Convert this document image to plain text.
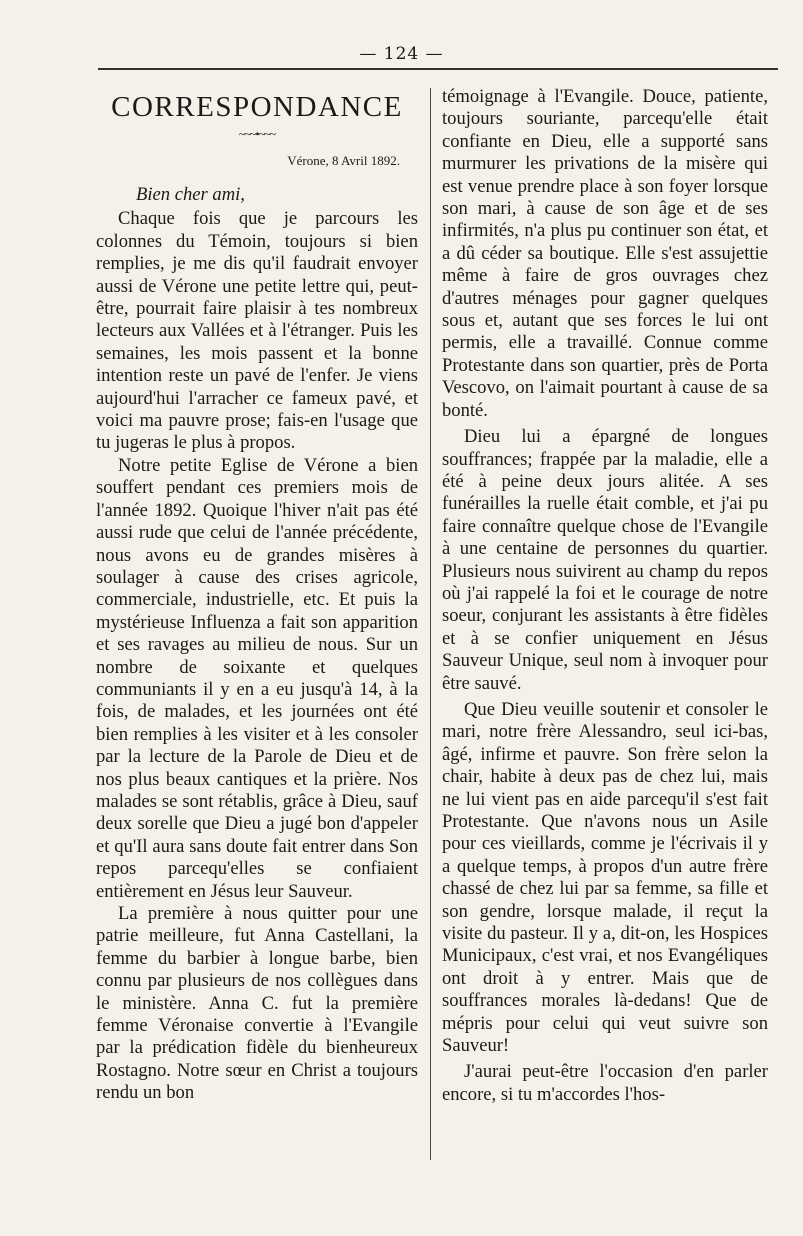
— 124 —
CORRESPONDANCE
~~~•~~~
Vérone, 8 Avril 1892.
Bien cher ami,

Chaque fois que je parcours les colonnes du Témoin, toujours si bien remplies, je me dis qu'il faudrait envoyer aussi de Vérone une petite lettre qui, peut-être, pourrait faire plaisir à tes nombreux lecteurs aux Vallées et à l'étranger. Puis les semaines, les mois passent et la bonne intention reste un pavé de l'enfer. Je viens aujourd'hui l'arracher ce fameux pavé, et voici ma pauvre prose; fais-en l'usage que tu jugeras le plus à propos.

Notre petite Eglise de Vérone a bien souffert pendant ces premiers mois de l'année 1892. Quoique l'hiver n'ait pas été aussi rude que celui de l'année précédente, nous avons eu de grandes misères à soulager à cause des crises agricole, commerciale, industrielle, etc. Et puis la mystérieuse Influenza a fait son apparition et ses ravages au milieu de nous. Sur un nombre de soixante et quelques communiants il y en a eu jusqu'à 14, à la fois, de malades, et les journées ont été bien remplies à les visiter et à les consoler par la lecture de la Parole de Dieu et de nos plus beaux cantiques et la prière. Nos malades se sont rétablis, grâce à Dieu, sauf deux sorelle que Dieu a jugé bon d'appeler et qu'Il aura sans doute fait entrer dans Son repos parcequ'elles se confiaient entièrement en Jésus leur Sauveur.

La première à nous quitter pour une patrie meilleure, fut Anna Castellani, la femme du barbier à longue barbe, bien connu par plusieurs de nos collègues dans le ministère. Anna C. fut la première femme Véronaise convertie à l'Evangile par la prédication fidèle du bienheureux Rostagno. Notre sœur en Christ a toujours rendu un bon

témoignage à l'Evangile. Douce, patiente, toujours souriante, parcequ'elle était confiante en Dieu, elle a supporté sans murmurer les privations de la misère qui est venue prendre place à son foyer lorsque son mari, à cause de son âge et de ses infirmités, n'a plus pu continuer son état, et a dû céder sa boutique. Elle s'est assujettie même à faire de gros ouvrages chez d'autres ménages pour gagner quelques sous et, autant que ses forces le lui ont permis, elle a travaillé. Connue comme Protestante dans son quartier, près de Porta Vescovo, on l'aimait pourtant à cause de sa bonté.

Dieu lui a épargné de longues souffrances; frappée par la maladie, elle a été à peine deux jours alitée. A ses funérailles la ruelle était comble, et j'ai pu faire connaître quelque chose de l'Evangile à une centaine de personnes du quartier. Plusieurs nous suivirent au champ du repos où j'ai rappelé la foi et le courage de notre soeur, conjurant les assistants à être fidèles et à se confier uniquement en Jésus Sauveur Unique, seul nom à invoquer pour être sauvé.

Que Dieu veuille soutenir et consoler le mari, notre frère Alessandro, seul ici-bas, âgé, infirme et pauvre. Son frère selon la chair, habite à deux pas de chez lui, mais ne lui vient pas en aide parcequ'il s'est fait Protestante. Que n'avons nous un Asile pour ces vieillards, comme je l'écrivais il y a quelque temps, à propos d'un autre frère chassé de chez lui par sa femme, sa fille et son gendre, lorsque malade, il reçut la visite du pasteur. Il y a, dit-on, les Hospices Municipaux, c'est vrai, et nos Evangéliques ont droit à y entrer. Mais que de souffrances morales là-dedans! Que de mépris pour celui qui veut suivre son Sauveur!

J'aurai peut-être l'occasion d'en parler encore, si tu m'accordes l'hos-
